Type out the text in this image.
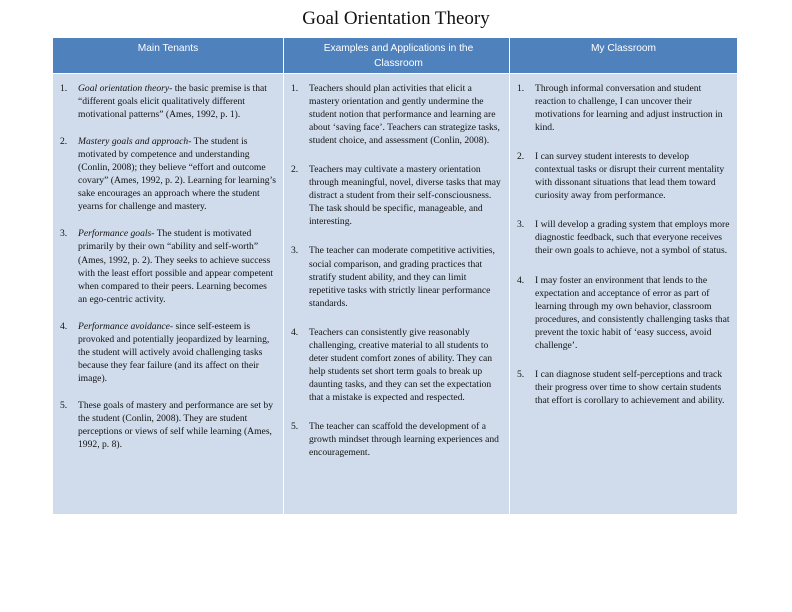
Goal Orientation Theory
Main Tenants	Examples and Applications in the Classroom
My Classroom
1. Goal orientation theory- the basic premise is that “different goals elicit qualitatively different motivational patterns” (Ames, 1992, p. 1).
2. Mastery goals and approach- The student is motivated by competence and understanding (Conlin, 2008); they believe “effort and outcome covary” (Ames, 1992, p. 2). Learning for learning’s sake encourages an approach where the student yearns for challenge and mastery.
3. Performance goals- The student is motivated primarily by their own “ability and self-worth” (Ames, 1992, p. 2). They seeks to achieve success with the least effort possible and appear competent when compared to their peers. Learning becomes an ego-centric activity.
4. Performance avoidance- since self-esteem is provoked and potentially jeopardized by learning, the student will actively avoid challenging tasks because they fear failure (and its affect on their image).
5. These goals of mastery and performance are set by the student (Conlin, 2008). They are student perceptions or views of self while learning (Ames, 1992, p. 8).
1. Teachers should plan activities that elicit a mastery orientation and gently undermine the student notion that performance and learning are about ‘saving face’. Teachers can strategize tasks, student choice, and assessment (Conlin, 2008).
2. Teachers may cultivate a mastery orientation through meaningful, novel, diverse tasks that may distract a student from their self-consciousness. The task should be specific, manageable, and interesting.
3. The teacher can moderate competitive activities, social comparison, and grading practices that stratify student ability, and they can limit repetitive tasks with strictly linear performance standards.
4. Teachers can consistently give reasonably challenging, creative material to all students to deter student comfort zones of ability. They can help students set short term goals to break up daunting tasks, and they can set the expectation that a mistake is expected and respected.
5. The teacher can scaffold the development of a growth mindset through learning experiences and encouragement.
1. Through informal conversation and student reaction to challenge, I can uncover their motivations for learning and adjust instruction in kind.
2. I can survey student interests to develop contextual tasks or disrupt their current mentality with dissonant situations that lead them toward curiosity away from performance.
3. I will develop a grading system that employs more diagnostic feedback, such that everyone receives their own goals to achieve, not a symbol of status.
4. I may foster an environment that lends to the expectation and acceptance of error as part of learning through my own behavior, classroom procedures, and consistently challenging tasks that prevent the toxic habit of ‘easy success, avoid challenge’.
5. I can diagnose student self-perceptions and track their progress over time to show certain students that effort is corollary to achievement and ability.
